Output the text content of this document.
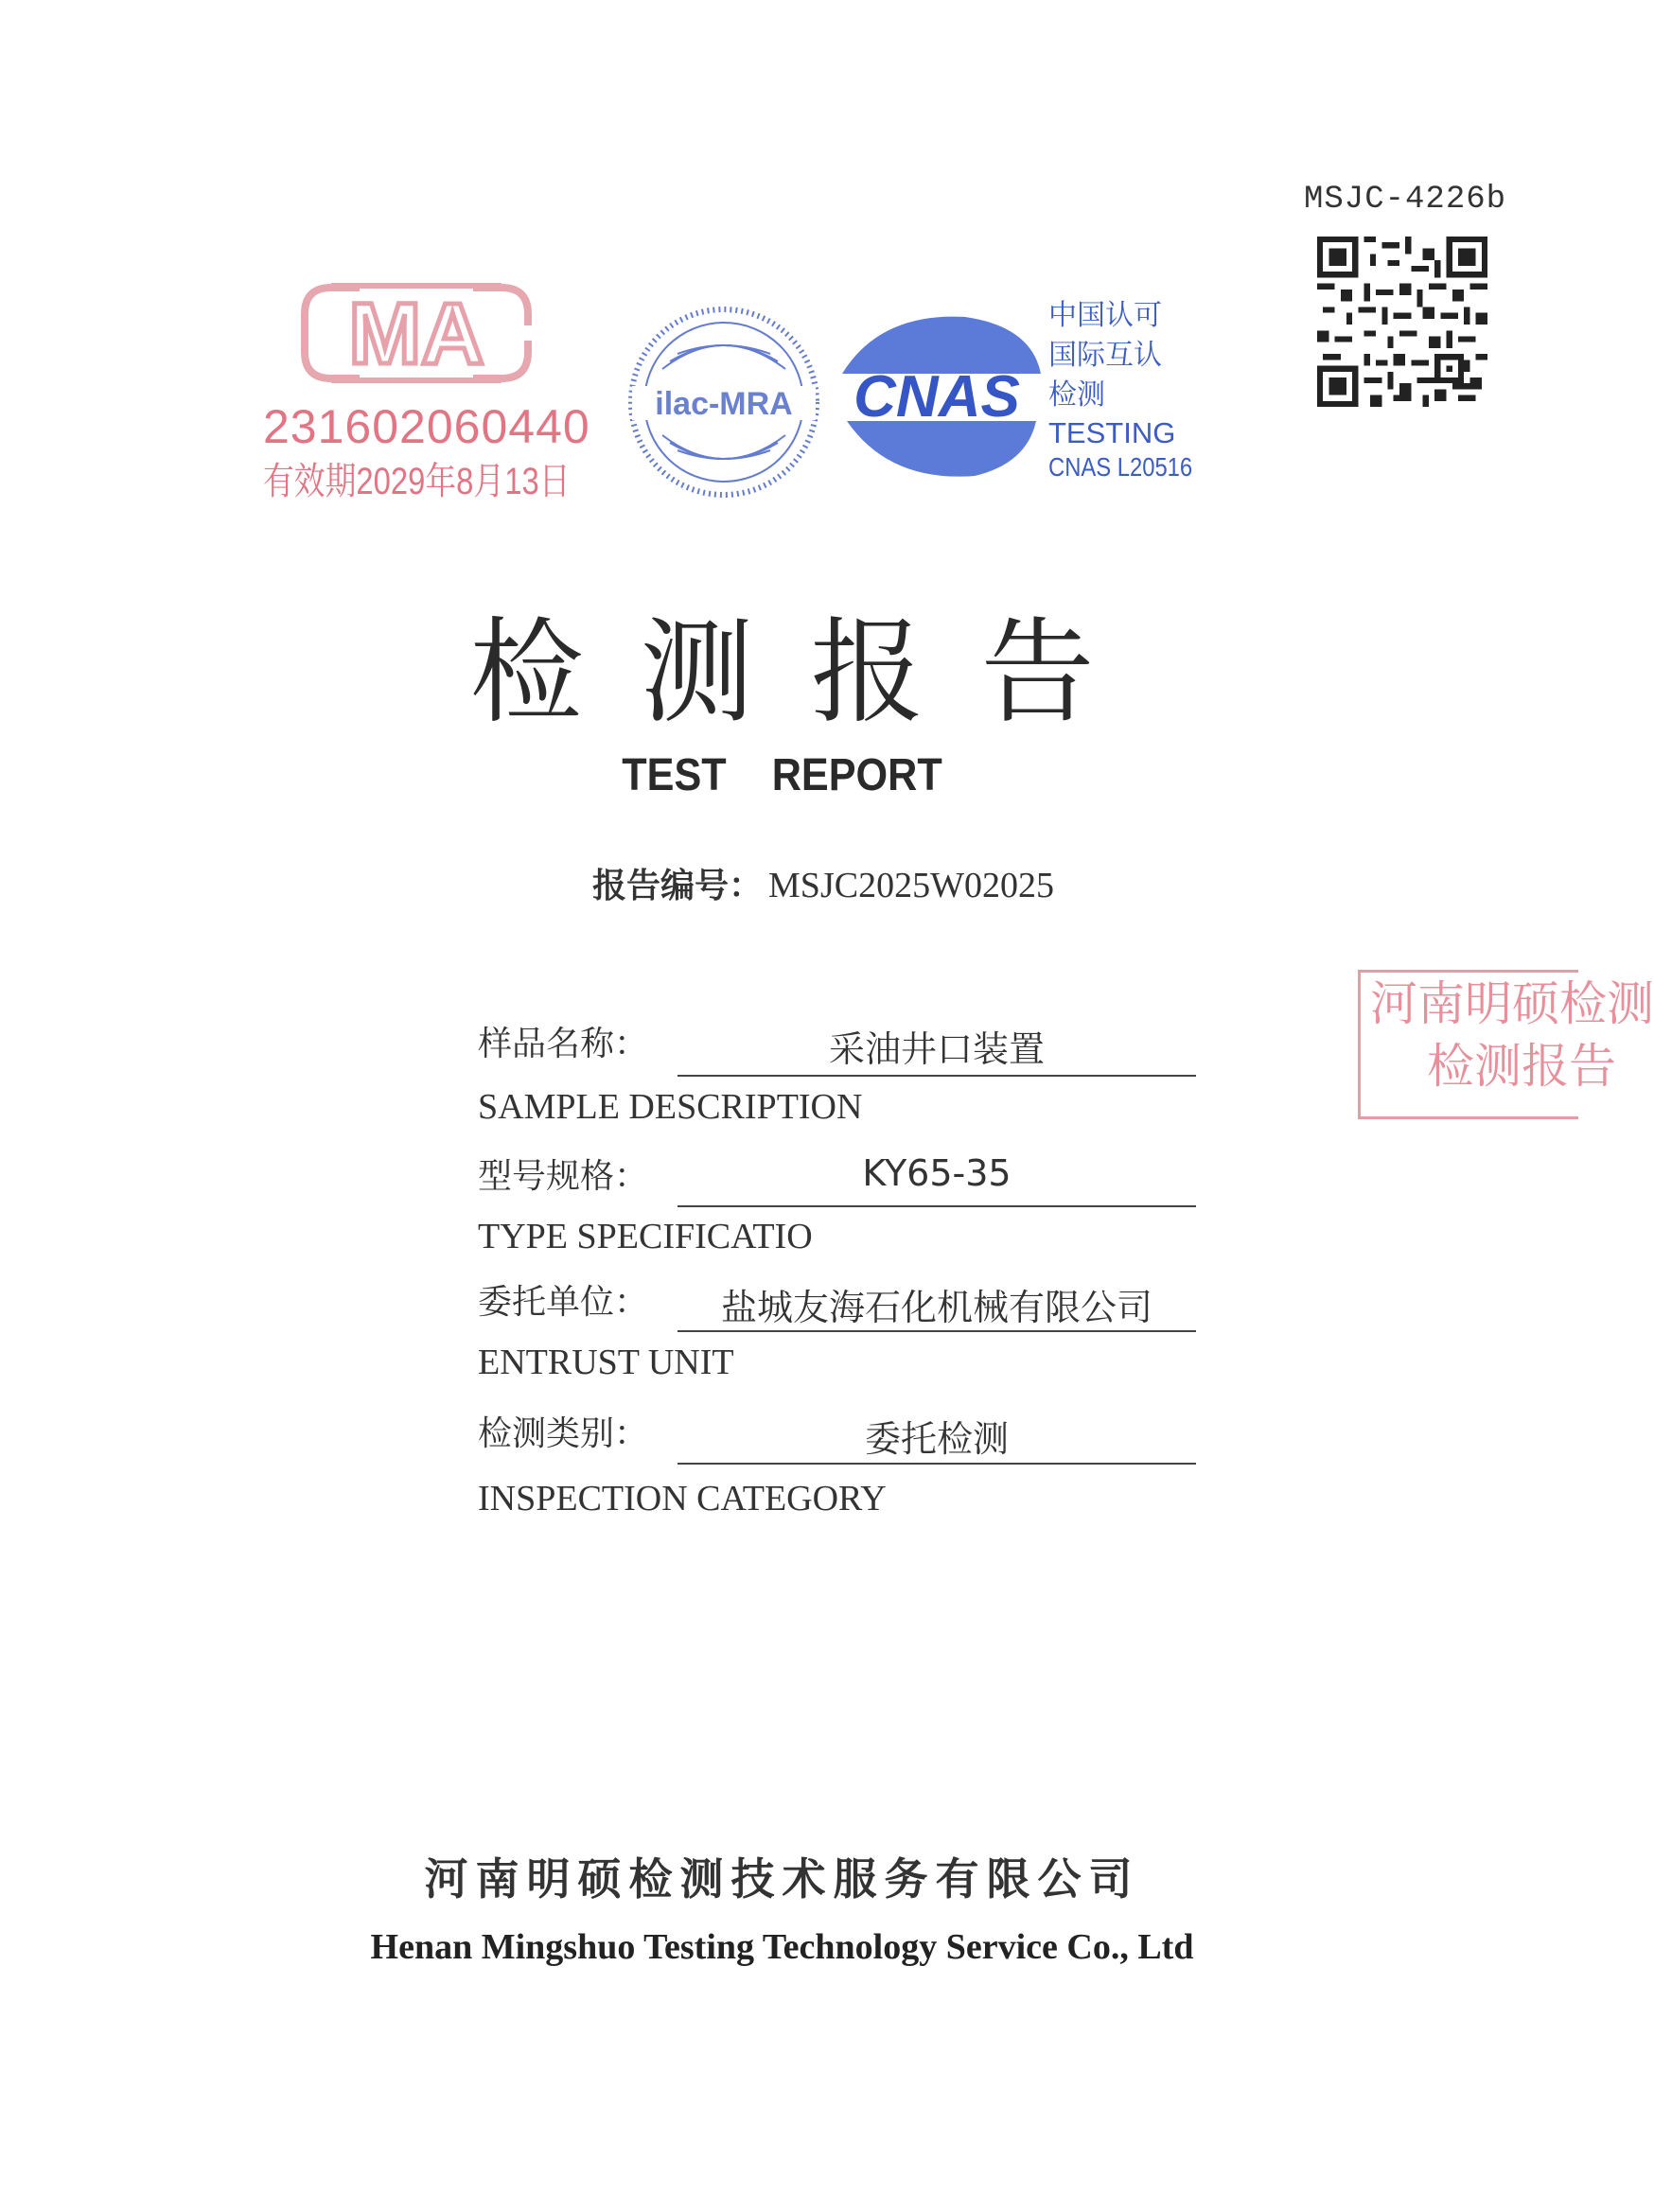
MSJC-4226b
MA
231602060440
有效期2029年8月13日
ilac-MRA CNAS
中国认可
国际互认
检测
TESTING
CNAS L20516
检 测 报 告
TEST REPORT
报告编号： MSJC2025W02025
河南明硕检测
检测报告
样品名称：	采油井口装置
SAMPLE DESCRIPTION
型号规格：	KY65-35
TYPE SPECIFICATIO
委托单位：	盐城友海石化机械有限公司
ENTRUST UNIT
检测类别：	委托检测
INSPECTION CATEGORY
河南明硕检测技术服务有限公司
Henan Mingshuo Testing Technology Service Co., Ltd
